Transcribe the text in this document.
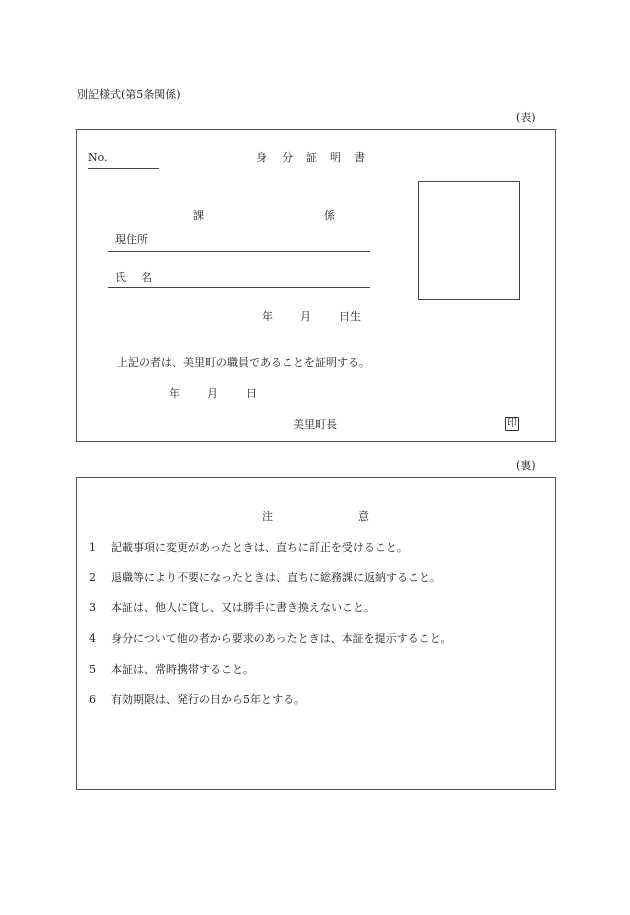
別記様式(第5条関係)
(表)
No.	身 分 証 明 書
課	係
現住所
氏 名
年 月	日生
上記の者は、美里町の職員であることを証明する。
年 月	日
美里町長	印
(裏)
注	意
1 記載事項に変更があったときは、直ちに訂正を受けること。
2 退職等により不要になったときは、直ちに総務課に返納すること。
3 本証は、他人に貸し、又は勝手に書き換えないこと。
4 身分について他の者から要求のあったときは、本証を提示すること。
5 本証は、常時携帯すること。
6 有効期限は、発行の日から5年とする。
